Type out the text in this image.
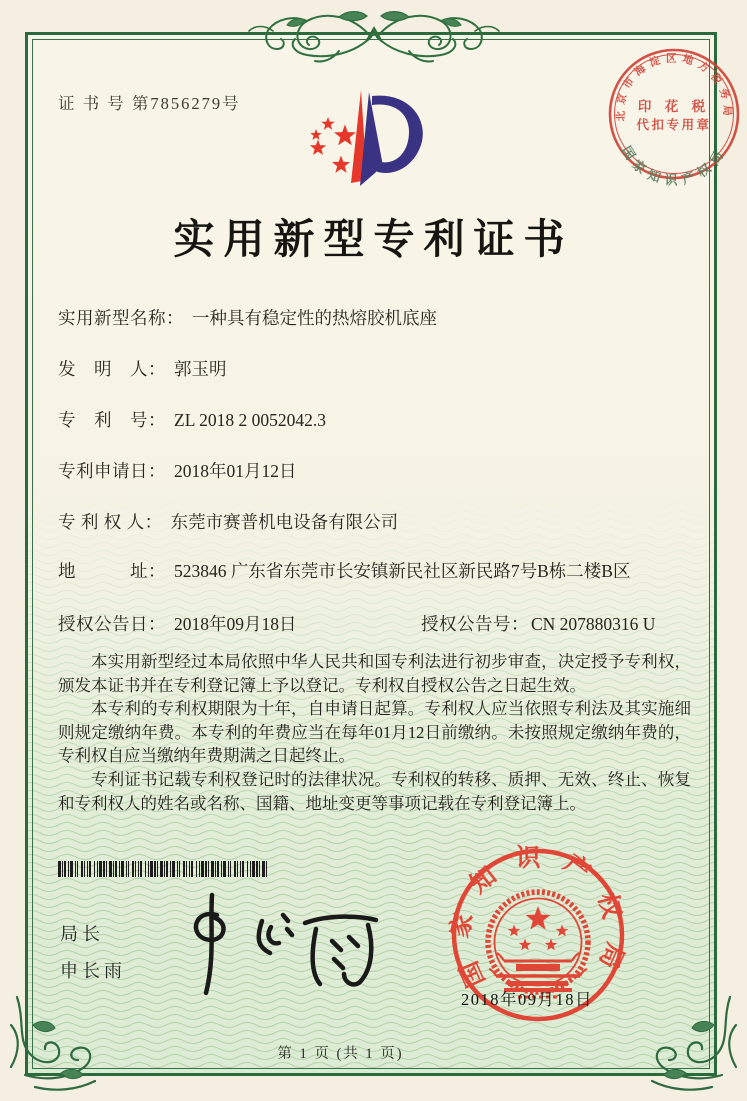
证 书 号 第7856279号
北京市海淀区地方税务局
印 花 税
代扣专用章
国家知识产权局
实用新型专利证书
实用新型名称： 一种具有稳定性的热熔胶机底座
发　明　人： 郭玉明
专　利　号： ZL 2018 2 0052042.3
专利申请日： 2018年01月12日
专 利 权 人： 东莞市赛普机电设备有限公司
地　　　址： 523846 广东省东莞市长安镇新民社区新民路7号B栋二楼B区
授权公告日： 2018年09月18日	授权公告号： CN 207880316 U

本实用新型经过本局依照中华人民共和国专利法进行初步审查，决定授予专利权，颁发本证书并在专利登记簿上予以登记。专利权自授权公告之日起生效。

本专利的专利权期限为十年，自申请日起算。专利权人应当依照专利法及其实施细则规定缴纳年费。本专利的年费应当在每年01月12日前缴纳。未按照规定缴纳年费的，专利权自应当缴纳年费期满之日起终止。

专利证书记载专利权登记时的法律状况。专利权的转移、质押、无效、终止、恢复和专利权人的姓名或名称、国籍、地址变更等事项记载在专利登记簿上。

局长
申长雨	国家知识产权局
2018年09月18日
第 1 页 (共 1 页)
